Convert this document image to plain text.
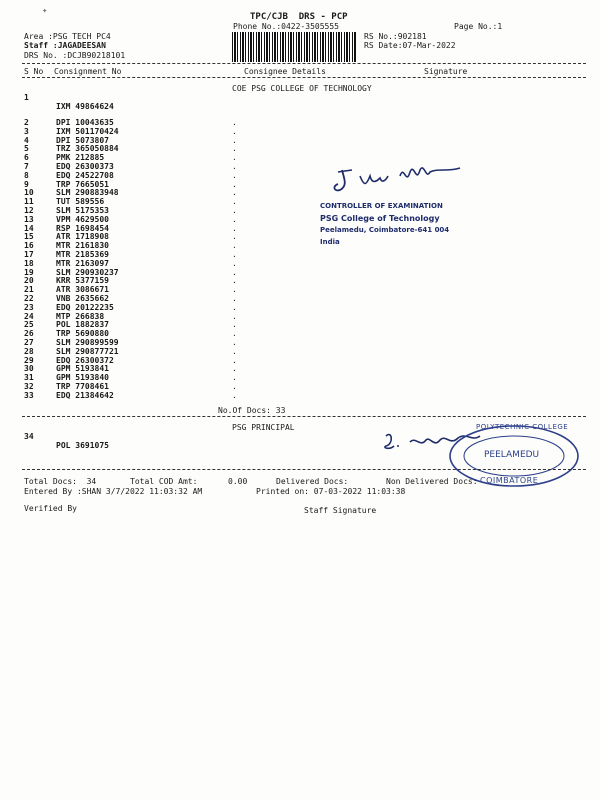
✦
TPC/CJB  DRS - PCP
Phone No.:0422-3505555	Page No.:1
Area :PSG TECH PC4
Staff :JAGADEESAN
DRS No. :DCJB90218101
RS No.:902181
RS Date:07-Mar-2022
S No Consignment No	Consignee Details	Signature

1

IXM 49864624

COE PSG COLLEGE OF TECHNOLOGY
2	DPI 10043635	.
3	IXM 501170424	.
4	DPI 5073807	.
5	TRZ 365050884	.
6	PMK 212885	.
7	EDQ 26300373	.
8	EDQ 24522708	.
9	TRP 7665051	.
10	SLM 290883948	.
11	TUT 589556	.
12	SLM 5175353	.
13	VPM 4629500	.
14	RSP 1698454	.
15	ATR 1718908	.
16	MTR 2161830	.
17	MTR 2185369	.
18	MTR 2163097	.
19	SLM 290930237	.
20	KRR 5377159	.
21	ATR 3086671	.
22	VNB 2635662	.
23	EDQ 20122235	.
24	MTP 266838	.
25	POL 1882837	.
26	TRP 5690880	.
27	SLM 290899599	.
28	SLM 290877721	.
29	EDQ 26300372	.
30	GPM 5193841	.
31	GPM 5193840	.
32	TRP 7708461	.
33	EDQ 21384642	.
No.Of Docs: 33

34

POL 3691075

PSG PRINCIPAL
CONTROLLER OF EXAMINATION
PSG College of Technology
Peelamedu, Coimbatore-641 004
India
POLYTECHNIC COLLEGE
PEELAMEDU
COIMBATORE
Total Docs:  34	Total COD Amt:	0.00	Delivered Docs:	Non Delivered Docs:
Entered By :SHAN 3/7/2022 11:03:32 AM	Printed on: 07-03-2022 11:03:38
Verified By	Staff Signature
